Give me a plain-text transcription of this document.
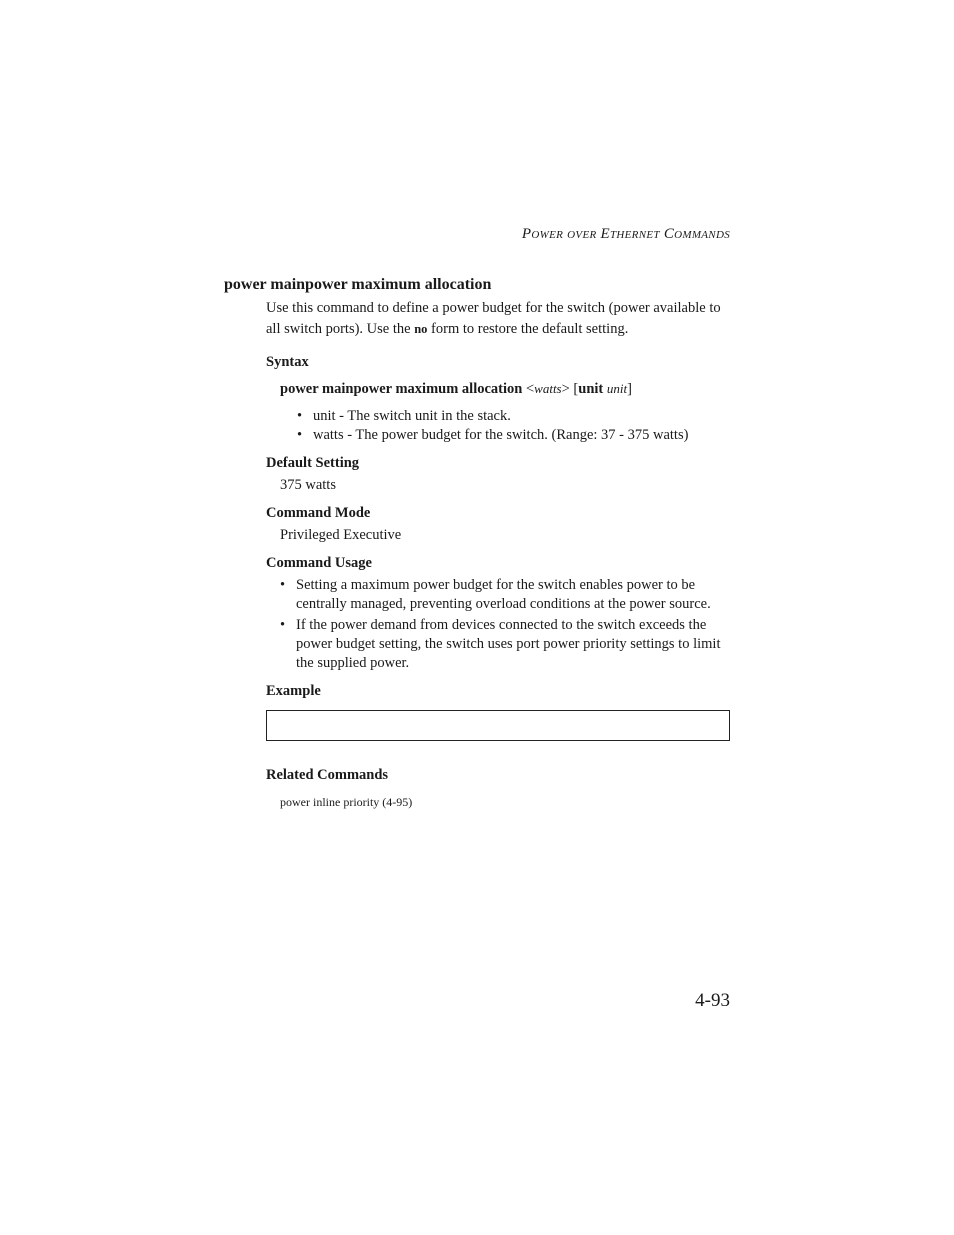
Power over Ethernet Commands
power mainpower maximum allocation
Use this command to define a power budget for the switch (power available to all switch ports). Use the no form to restore the default setting.
Syntax
power mainpower maximum allocation <watts> [unit unit]
• unit - The switch unit in the stack.
• watts - The power budget for the switch. (Range: 37 - 375 watts)
Default Setting
375 watts
Command Mode
Privileged Executive
Command Usage
• Setting a maximum power budget for the switch enables power to be centrally managed, preventing overload conditions at the power source.
• If the power demand from devices connected to the switch exceeds the power budget setting, the switch uses port power priority settings to limit the supplied power.
Example
Related Commands
power inline priority (4-95)
4-93
